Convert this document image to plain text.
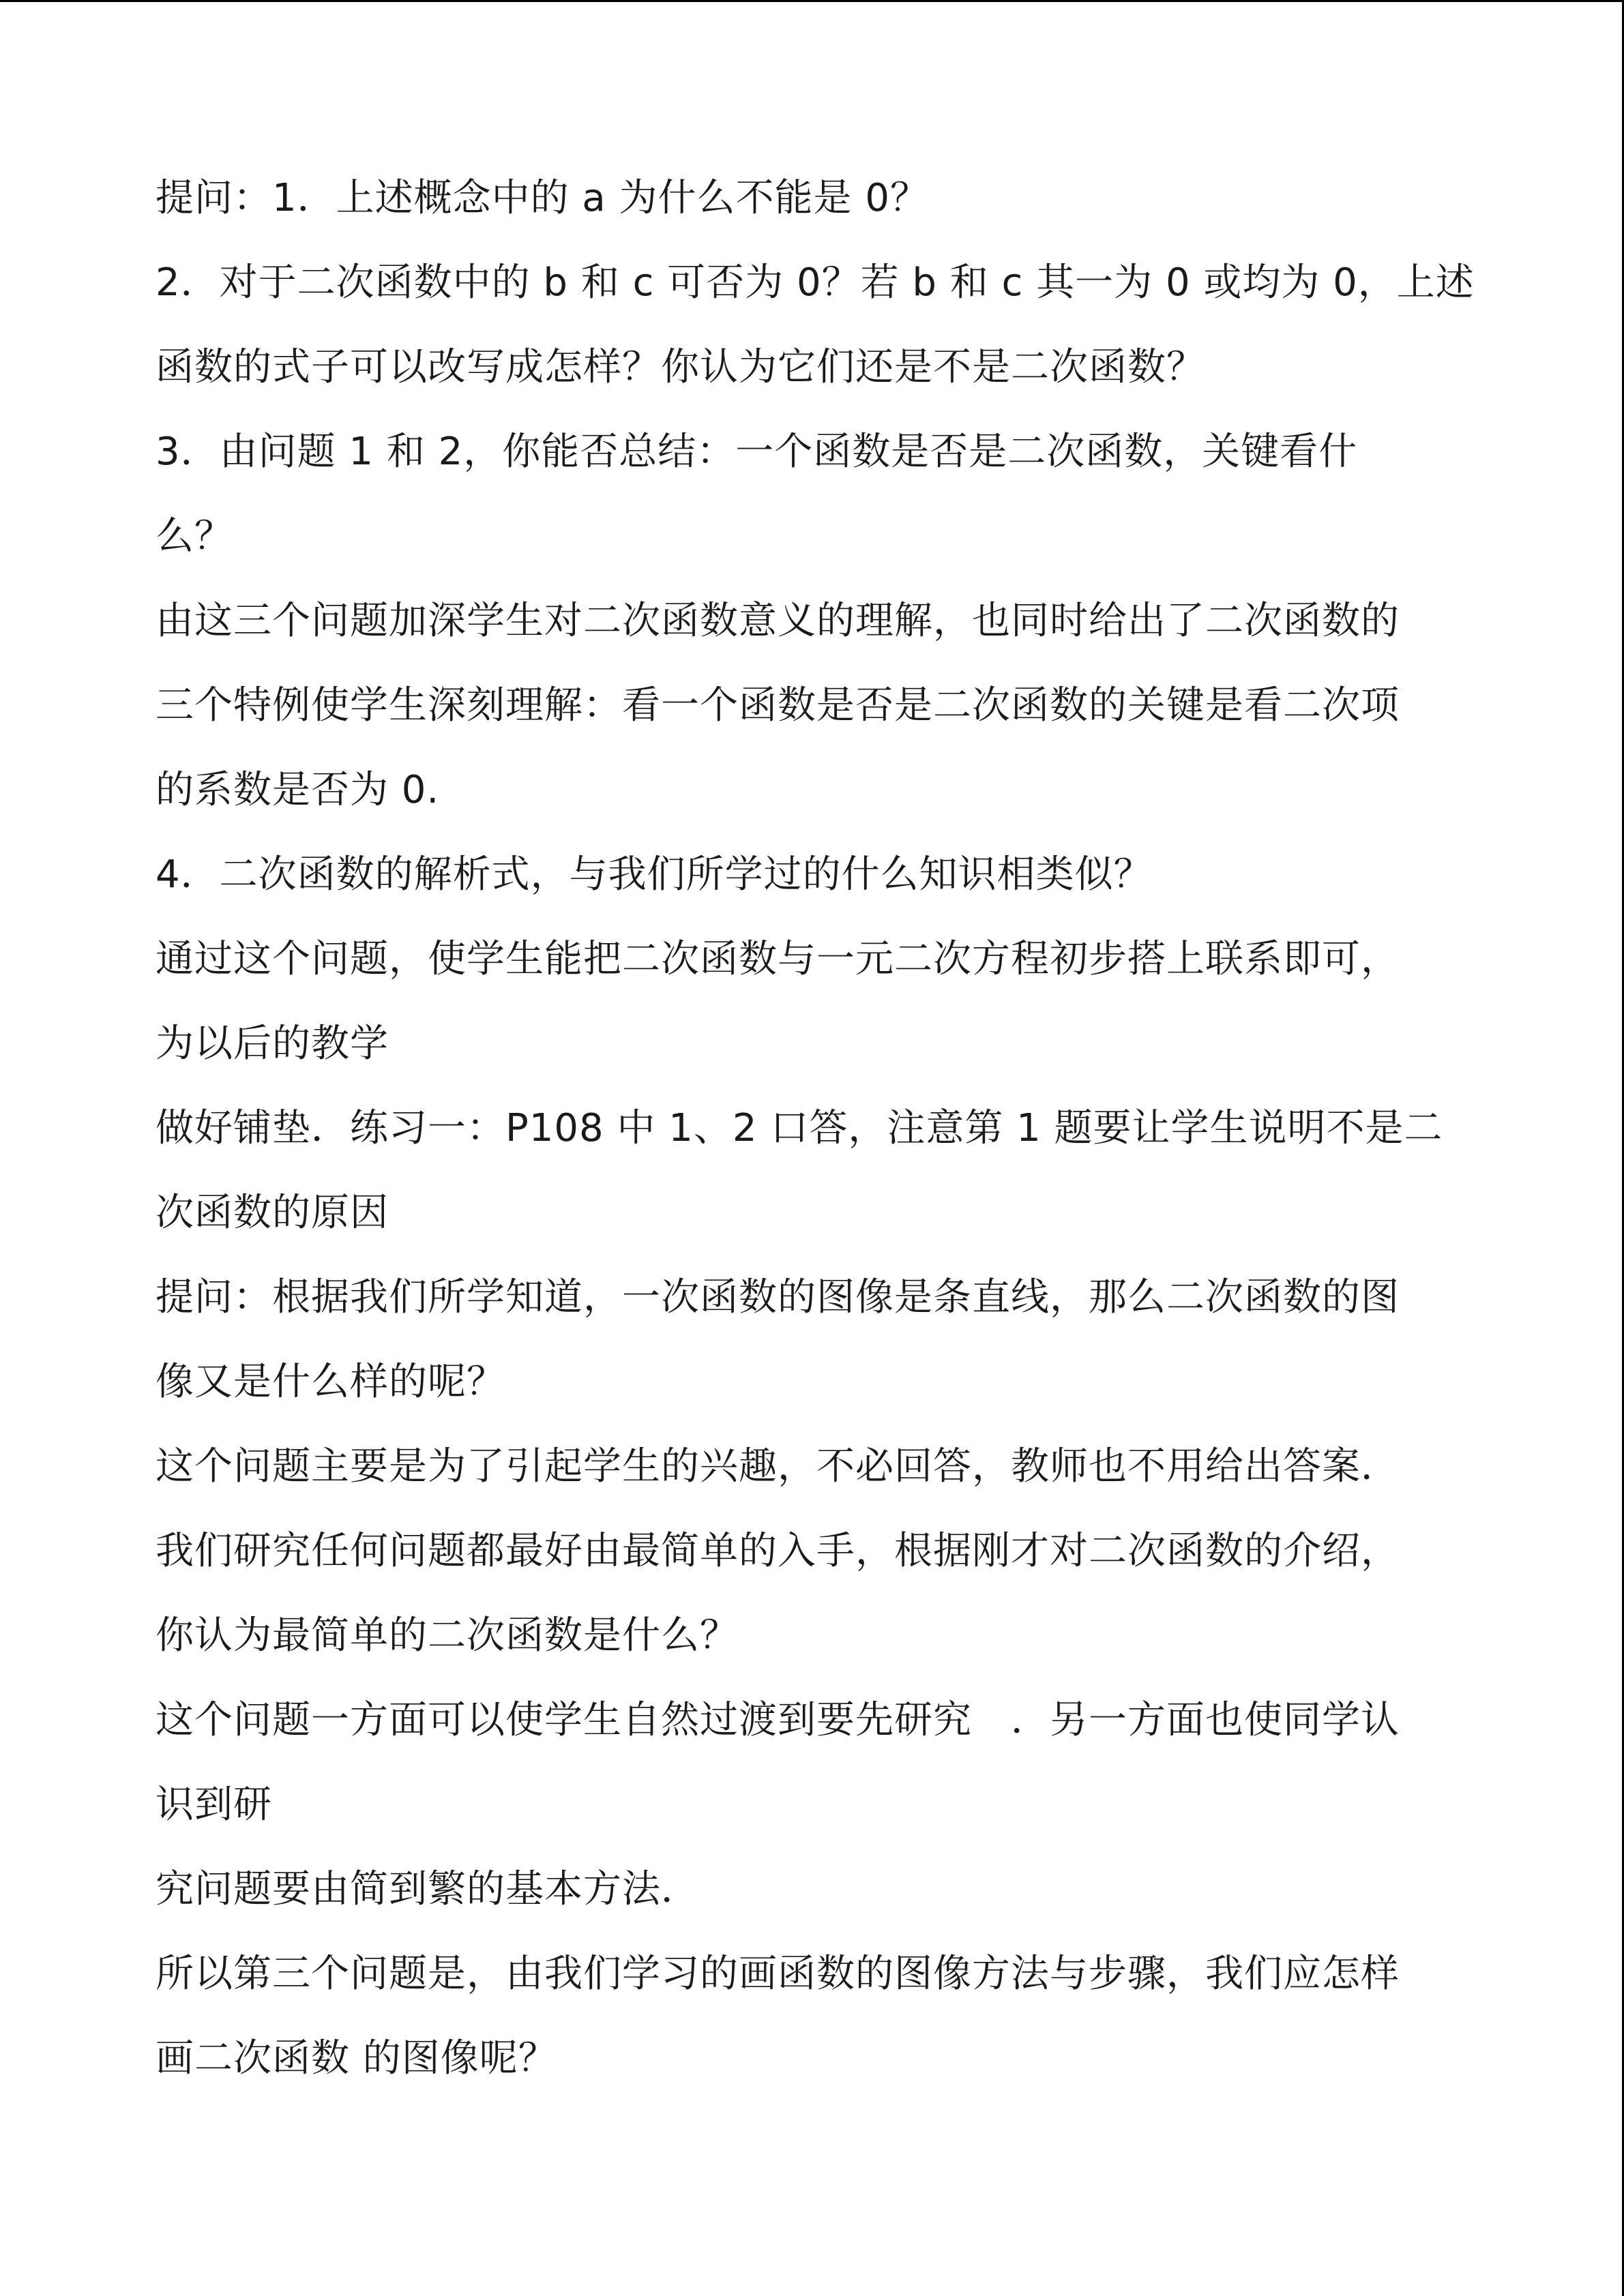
提问：1．上述概念中的 a 为什么不能是 0？
2．对于二次函数中的 b 和 c 可否为 0？若 b 和 c 其一为 0 或均为 0，上述
函数的式子可以改写成怎样？你认为它们还是不是二次函数？
3．由问题 1 和 2，你能否总结：一个函数是否是二次函数，关键看什
么？
由这三个问题加深学生对二次函数意义的理解，也同时给出了二次函数的
三个特例使学生深刻理解：看一个函数是否是二次函数的关键是看二次项
的系数是否为 0.
4．二次函数的解析式，与我们所学过的什么知识相类似？
通过这个问题，使学生能把二次函数与一元二次方程初步搭上联系即可，
为以后的教学
做好铺垫．练习一：P108 中 1、2 口答，注意第 1 题要让学生说明不是二
次函数的原因
提问：根据我们所学知道，一次函数的图像是条直线，那么二次函数的图
像又是什么样的呢？
这个问题主要是为了引起学生的兴趣，不必回答，教师也不用给出答案．
我们研究任何问题都最好由最简单的入手，根据刚才对二次函数的介绍，
你认为最简单的二次函数是什么？
这个问题一方面可以使学生自然过渡到要先研究　．另一方面也使同学认
识到研
究问题要由简到繁的基本方法．
所以第三个问题是，由我们学习的画函数的图像方法与步骤，我们应怎样
画二次函数 的图像呢？
